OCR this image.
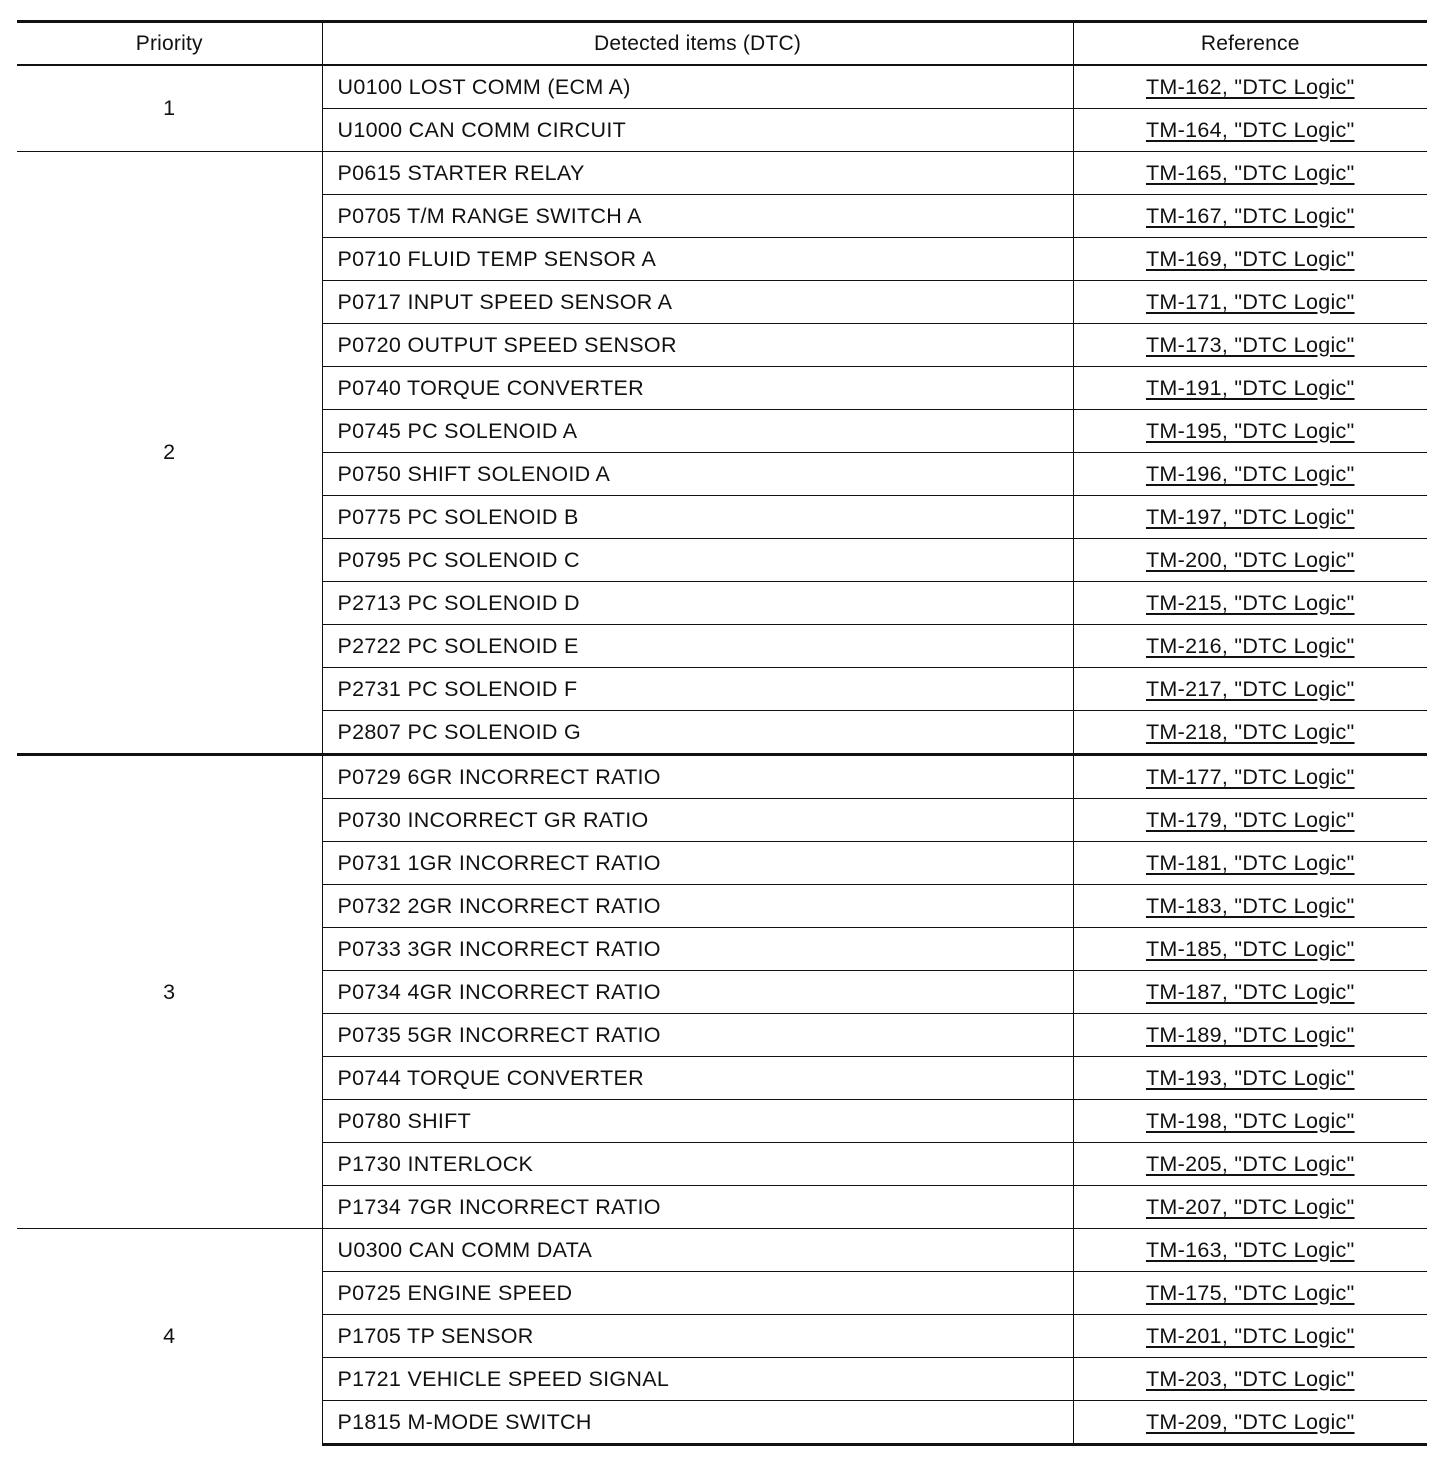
Priority	Detected items (DTC)	Reference
1	U0100 LOST COMM (ECM A)	TM-162, "DTC Logic"
	U1000 CAN COMM CIRCUIT	TM-164, "DTC Logic"
2	P0615 STARTER RELAY	TM-165, "DTC Logic"
	P0705 T/M RANGE SWITCH A	TM-167, "DTC Logic"
	P0710 FLUID TEMP SENSOR A	TM-169, "DTC Logic"
	P0717 INPUT SPEED SENSOR A	TM-171, "DTC Logic"
	P0720 OUTPUT SPEED SENSOR	TM-173, "DTC Logic"
	P0740 TORQUE CONVERTER	TM-191, "DTC Logic"
	P0745 PC SOLENOID A	TM-195, "DTC Logic"
	P0750 SHIFT SOLENOID A	TM-196, "DTC Logic"
	P0775 PC SOLENOID B	TM-197, "DTC Logic"
	P0795 PC SOLENOID C	TM-200, "DTC Logic"
	P2713 PC SOLENOID D	TM-215, "DTC Logic"
	P2722 PC SOLENOID E	TM-216, "DTC Logic"
	P2731 PC SOLENOID F	TM-217, "DTC Logic"
	P2807 PC SOLENOID G	TM-218, "DTC Logic"
3	P0729 6GR INCORRECT RATIO	TM-177, "DTC Logic"
	P0730 INCORRECT GR RATIO	TM-179, "DTC Logic"
	P0731 1GR INCORRECT RATIO	TM-181, "DTC Logic"
	P0732 2GR INCORRECT RATIO	TM-183, "DTC Logic"
	P0733 3GR INCORRECT RATIO	TM-185, "DTC Logic"
	P0734 4GR INCORRECT RATIO	TM-187, "DTC Logic"
	P0735 5GR INCORRECT RATIO	TM-189, "DTC Logic"
	P0744 TORQUE CONVERTER	TM-193, "DTC Logic"
	P0780 SHIFT	TM-198, "DTC Logic"
	P1730 INTERLOCK	TM-205, "DTC Logic"
	P1734 7GR INCORRECT RATIO	TM-207, "DTC Logic"
4	U0300 CAN COMM DATA	TM-163, "DTC Logic"
	P0725 ENGINE SPEED	TM-175, "DTC Logic"
	P1705 TP SENSOR	TM-201, "DTC Logic"
	P1721 VEHICLE SPEED SIGNAL	TM-203, "DTC Logic"
	P1815 M-MODE SWITCH	TM-209, "DTC Logic"
